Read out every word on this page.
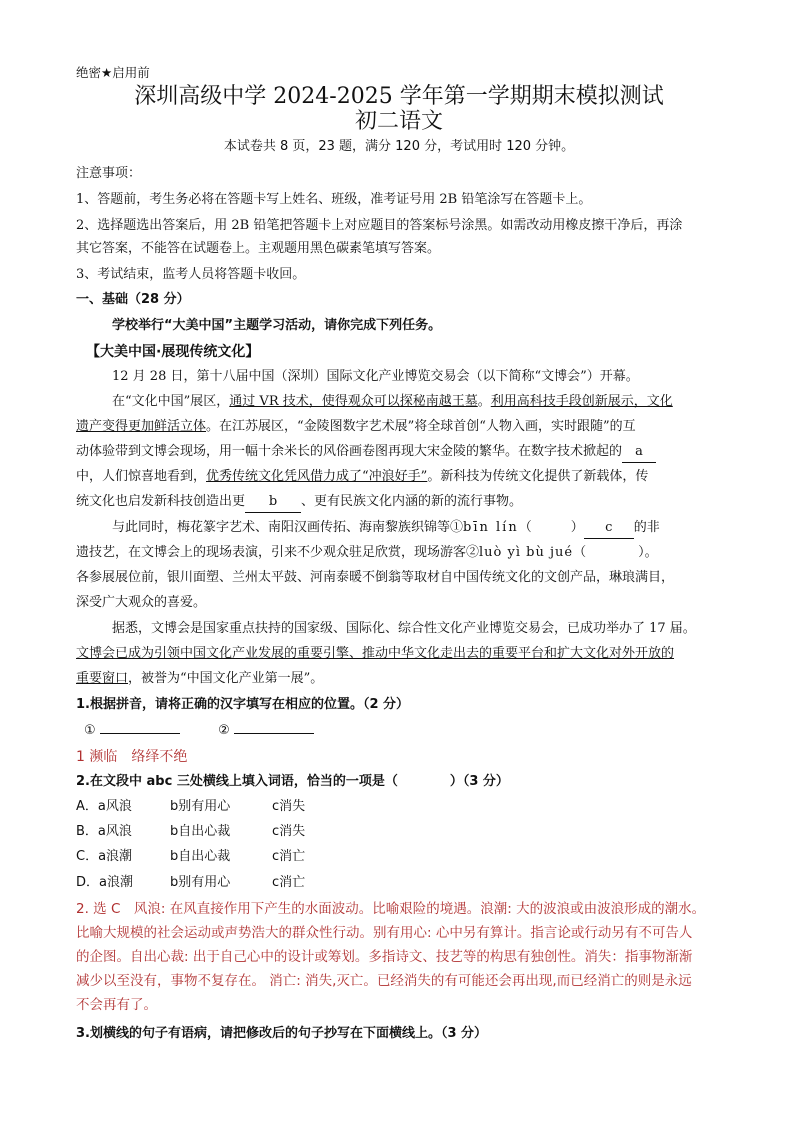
绝密★启用前
深圳高级中学 2024-2025 学年第一学期期末模拟测试
初二语文
本试卷共 8 页，23 题，满分 120 分，考试用时 120 分钟。
注意事项：
1、答题前，考生务必将在答题卡写上姓名、班级，准考证号用 2B 铅笔涂写在答题卡上。
2、选择题选出答案后，用 2B 铅笔把答题卡上对应题目的答案标号涂黑。如需改动用橡皮擦干净后，再涂
其它答案，不能答在试题卷上。主观题用黑色碳素笔填写答案。
3、考试结束，监考人员将答题卡收回。
一、基础（28 分）
学校举行“大美中国”主题学习活动，请你完成下列任务。
【大美中国·展现传统文化】
12 月 28 日，第十八届中国（深圳）国际文化产业博览交易会（以下简称“文博会”）开幕。
在“文化中国”展区，通过 VR 技术，使得观众可以探秘南越王墓。利用高科技手段创新展示，文化
遗产变得更加鲜活立体。在江苏展区，“金陵图数字艺术展”将全球首创“人物入画，实时跟随”的互
动体验带到文博会现场，用一幅十余米长的风俗画卷图再现大宋金陵的繁华。在数字技术掀起的 a
中，人们惊喜地看到，优秀传统文化凭风借力成了“冲浪好手”。新科技为传统文化提供了新载体，传
统文化也启发新科技创造出更 b 、更有民族文化内涵的新的流行事物。
与此同时，梅花篆字艺术、南阳汉画传拓、海南黎族织锦等①bīn lín（　　　） c 的非
遗技艺，在文博会上的现场表演，引来不少观众驻足欣赏，现场游客②luò yì bù jué（　　　　）。
各参展展位前，银川面塑、兰州太平鼓、河南泰暖不倒翁等取材自中国传统文化的文创产品，琳琅满目，
深受广大观众的喜爱。
据悉，文博会是国家重点扶持的国家级、国际化、综合性文化产业博览交易会，已成功举办了 17 届。
文博会已成为引领中国文化产业发展的重要引擎、推动中华文化走出去的重要平台和扩大文化对外开放的
重要窗口，被誉为“中国文化产业第一展”。
1.根据拼音，请将正确的汉字填写在相应的位置。（2 分）
①	②
1 濒临　络绎不绝
2.在文段中 abc 三处横线上填入词语，恰当的一项是（　　　　）（3 分）
A．a风浪	b别有用心	c消失
B．a风浪	b自出心裁	c消失
C．a浪潮	b自出心裁	c消亡
D．a浪潮	b别有用心	c消亡
2. 选 C　风浪: 在风直接作用下产生的水面波动。比喻艰险的境遇。浪潮: 大的波浪或由波浪形成的潮水。
比喻大规模的社会运动或声势浩大的群众性行动。别有用心: 心中另有算计。指言论或行动另有不可告人
的企图。自出心裁: 出于自己心中的设计或筹划。多指诗文、技艺等的构思有独创性。消失：指事物渐渐
减少以至没有，事物不复存在。 消亡: 消失,灭亡。已经消失的有可能还会再出现,而已经消亡的则是永远
不会再有了。
3.划横线的句子有语病，请把修改后的句子抄写在下面横线上。（3 分）
